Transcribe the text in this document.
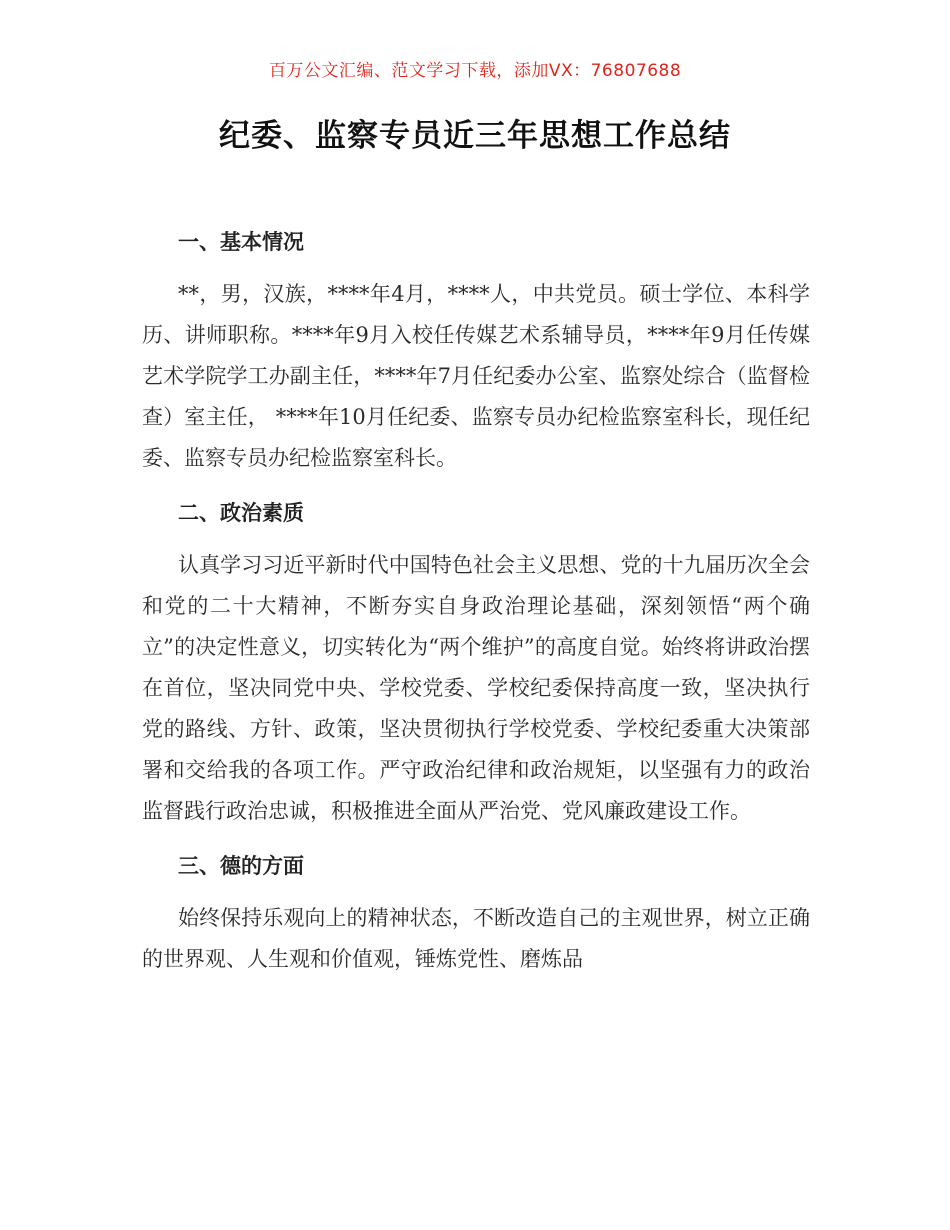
百万公文汇编、范文学习下载，添加VX：76807688
纪委、监察专员近三年思想工作总结
一、基本情况

**，男，汉族，****年4月，****人，中共党员。硕士学位、本科学历、讲师职称。****年9月入校任传媒艺术系辅导员，****年9月任传媒艺术学院学工办副主任，****年7月任纪委办公室、监察处综合（监督检查）室主任， ****年10月任纪委、监察专员办纪检监察室科长，现任纪委、监察专员办纪检监察室科长。

二、政治素质

认真学习习近平新时代中国特色社会主义思想、党的十九届历次全会和党的二十大精神，不断夯实自身政治理论基础，深刻领悟“两个确立”的决定性意义，切实转化为“两个维护”的高度自觉。始终将讲政治摆在首位，坚决同党中央、学校党委、学校纪委保持高度一致，坚决执行党的路线、方针、政策，坚决贯彻执行学校党委、学校纪委重大决策部署和交给我的各项工作。严守政治纪律和政治规矩，以坚强有力的政治监督践行政治忠诚，积极推进全面从严治党、党风廉政建设工作。

三、德的方面

始终保持乐观向上的精神状态，不断改造自己的主观世界，树立正确的世界观、人生观和价值观，锤炼党性、磨炼品
